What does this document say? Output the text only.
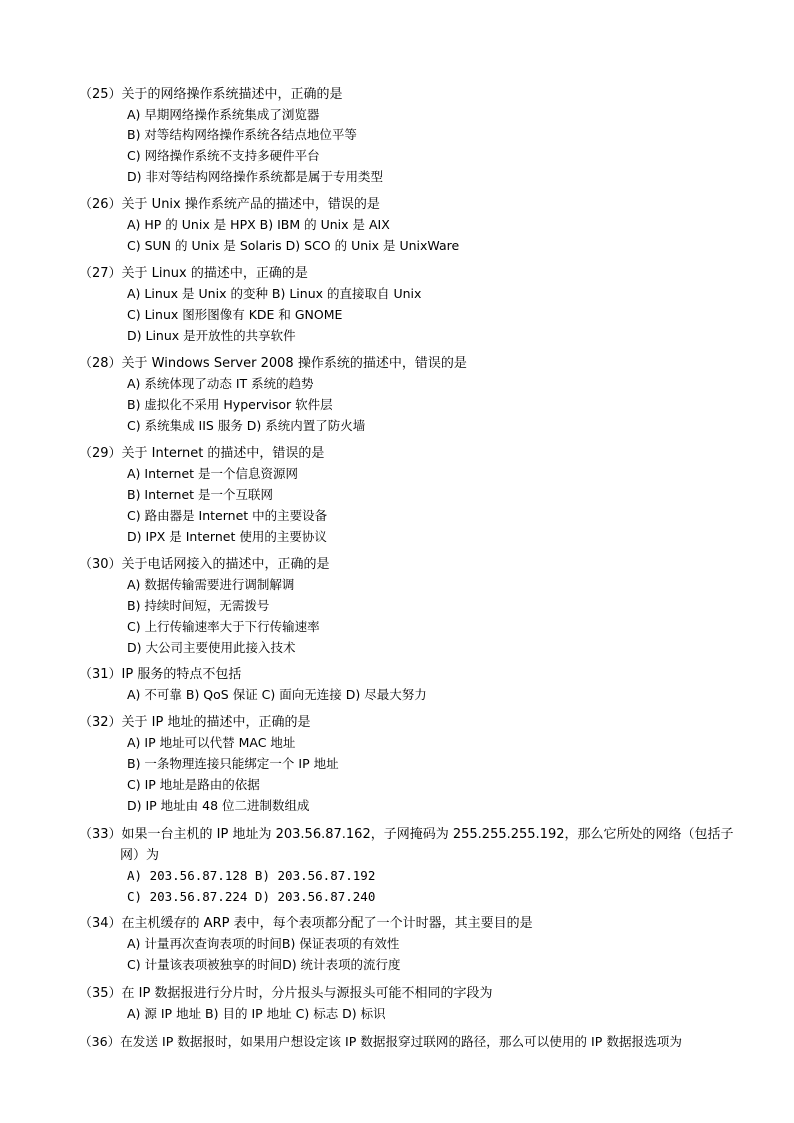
（25）关于的网络操作系统描述中，正确的是
A) 早期网络操作系统集成了浏览器
B) 对等结构网络操作系统各结点地位平等
C) 网络操作系统不支持多硬件平台
D) 非对等结构网络操作系统都是属于专用类型
（26）关于 Unix 操作系统产品的描述中，错误的是
A) HP 的 Unix 是 HPX B) IBM 的 Unix 是 AIX
C) SUN 的 Unix 是 Solaris D) SCO 的 Unix 是 UnixWare
（27）关于 Linux 的描述中，正确的是
A) Linux 是 Unix 的变种 B) Linux 的直接取自 Unix
C) Linux 图形图像有 KDE 和 GNOME
D) Linux 是开放性的共享软件
（28）关于 Windows Server 2008 操作系统的描述中，错误的是
A) 系统体现了动态 IT 系统的趋势
B) 虚拟化不采用 Hypervisor 软件层
C) 系统集成 IIS 服务 D) 系统内置了防火墙
（29）关于 Internet 的描述中，错误的是
A) Internet 是一个信息资源网
B) Internet 是一个互联网
C) 路由器是 Internet 中的主要设备
D) IPX 是 Internet 使用的主要协议
（30）关于电话网接入的描述中，正确的是
A) 数据传输需要进行调制解调
B) 持续时间短，无需拨号
C) 上行传输速率大于下行传输速率
D) 大公司主要使用此接入技术
（31）IP 服务的特点不包括
A) 不可靠 B) QoS 保证 C) 面向无连接 D) 尽最大努力
（32）关于 IP 地址的描述中，正确的是
A) IP 地址可以代替 MAC 地址
B) 一条物理连接只能绑定一个 IP 地址
C) IP 地址是路由的依据
D) IP 地址由 48 位二进制数组成
（33）如果一台主机的 IP 地址为 203.56.87.162，子网掩码为 255.255.255.192，那么它所处的网络（包括子
网）为
A) 203.56.87.128 B) 203.56.87.192
C) 203.56.87.224 D) 203.56.87.240
（34）在主机缓存的 ARP 表中，每个表项都分配了一个计时器，其主要目的是
A) 计量再次查询表项的时间B) 保证表项的有效性
C) 计量该表项被独享的时间D) 统计表项的流行度
（35）在 IP 数据报进行分片时，分片报头与源报头可能不相同的字段为
A) 源 IP 地址 B) 目的 IP 地址 C) 标志 D) 标识
（36）在发送 IP 数据报时，如果用户想设定该 IP 数据报穿过联网的路径，那么可以使用的 IP 数据报选项为
